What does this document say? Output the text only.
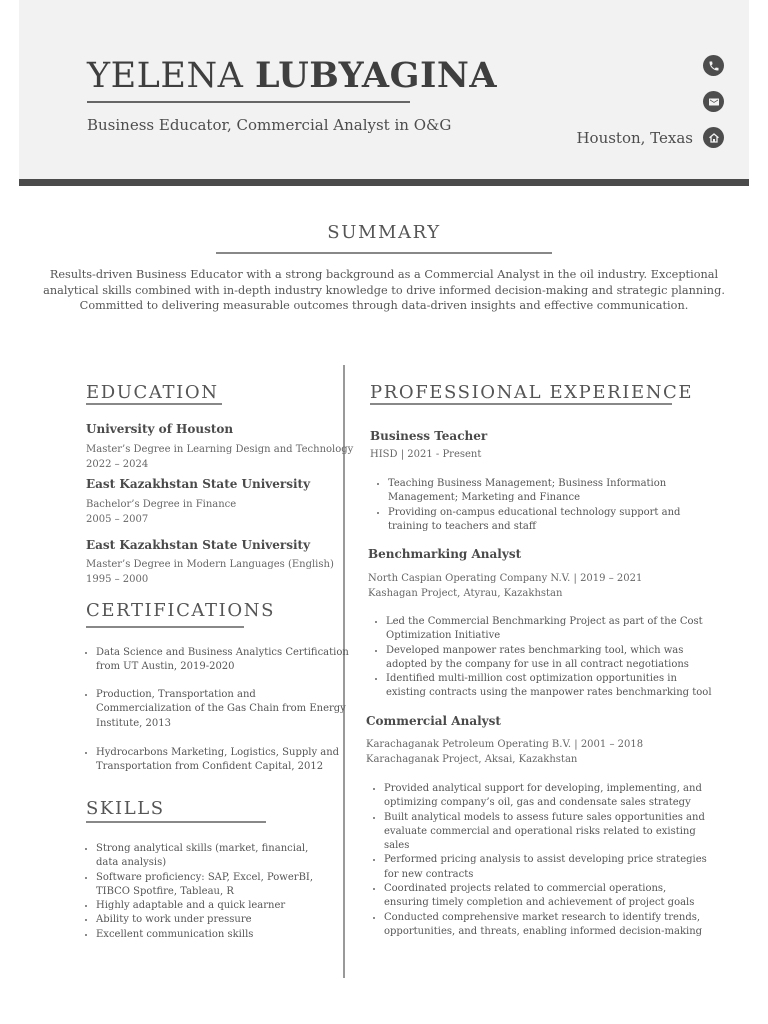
YELENA LUBYAGINA
Business Educator, Commercial Analyst in O&G
Houston, Texas
SUMMARY
Results-driven Business Educator with a strong background as a Commercial Analyst in the oil industry. Exceptional analytical skills combined with in-depth industry knowledge to drive informed decision-making and strategic planning. Committed to delivering measurable outcomes through data-driven insights and effective communication.
EDUCATION
University of Houston
Master’s Degree in Learning Design and Technology
2022 – 2024
East Kazakhstan State University
Bachelor’s Degree in Finance
2005 – 2007
East Kazakhstan State University
Master’s Degree in Modern Languages (English)
1995 – 2000
CERTIFICATIONS
• Data Science and Business Analytics Certification from UT Austin, 2019-2020
• Production, Transportation and Commercialization of the Gas Chain from Energy Institute, 2013
• Hydrocarbons Marketing, Logistics, Supply and Transportation from Confident Capital, 2012
SKILLS
• Strong analytical skills (market, financial, data analysis)
• Software proficiency: SAP, Excel, PowerBI, TIBCO Spotfire, Tableau, R
• Highly adaptable and a quick learner
• Ability to work under pressure
• Excellent communication skills
PROFESSIONAL EXPERIENCE
Business Teacher
HISD | 2021 - Present
• Teaching Business Management; Business Information Management; Marketing and Finance
• Providing on-campus educational technology support and training to teachers and staff
Benchmarking Analyst
North Caspian Operating Company N.V. | 2019 – 2021
Kashagan Project, Atyrau, Kazakhstan
• Led the Commercial Benchmarking Project as part of the Cost Optimization Initiative
• Developed manpower rates benchmarking tool, which was adopted by the company for use in all contract negotiations
• Identified multi-million cost optimization opportunities in existing contracts using the manpower rates benchmarking tool
Commercial Analyst
Karachaganak Petroleum Operating B.V. | 2001 – 2018
Karachaganak Project, Aksai, Kazakhstan
• Provided analytical support for developing, implementing, and optimizing company’s oil, gas and condensate sales strategy
• Built analytical models to assess future sales opportunities and evaluate commercial and operational risks related to existing sales
• Performed pricing analysis to assist developing price strategies for new contracts
• Coordinated projects related to commercial operations, ensuring timely completion and achievement of project goals
• Conducted comprehensive market research to identify trends, opportunities, and threats, enabling informed decision-making
